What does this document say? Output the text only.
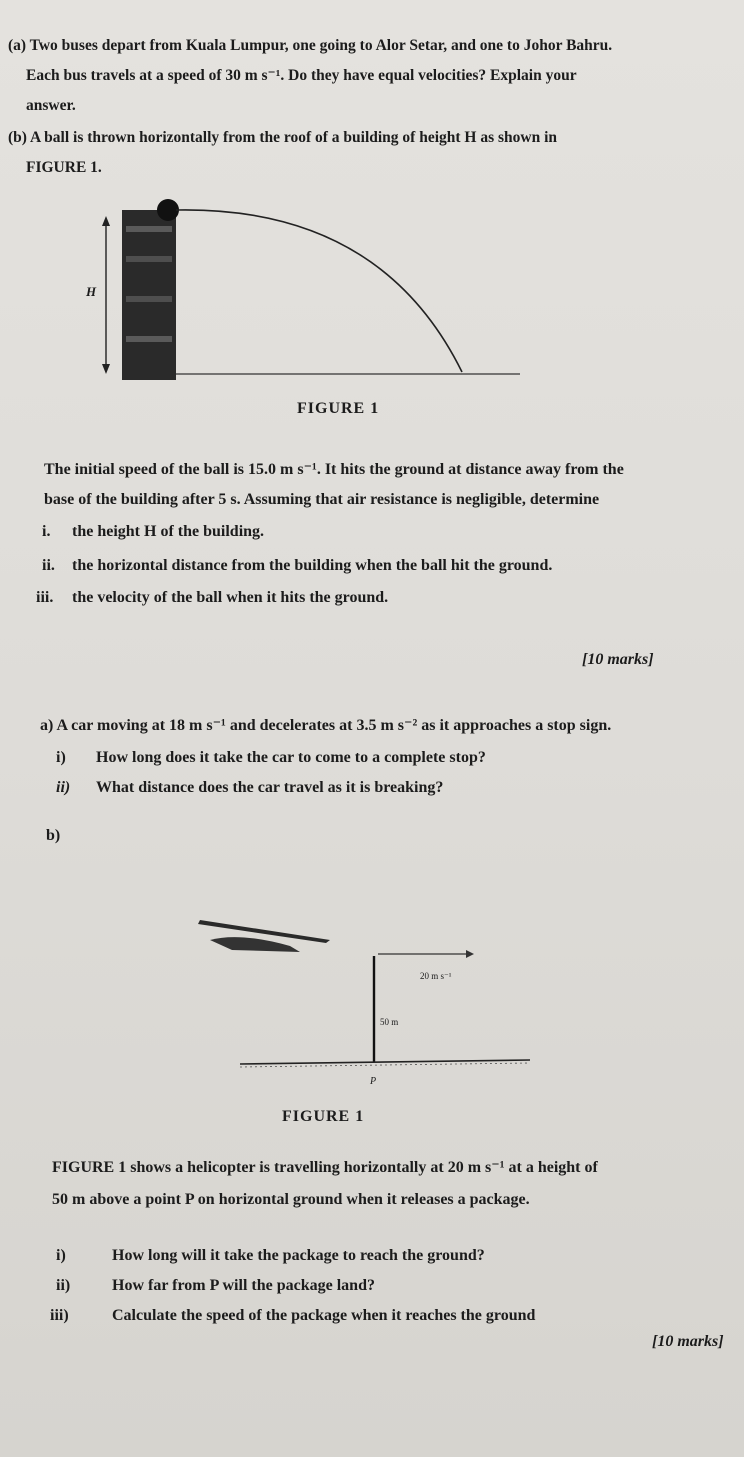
(a) Two buses depart from Kuala Lumpur, one going to Alor Setar, and one to Johor Bahru.
Each bus travels at a speed of 30 m s⁻¹. Do they have equal velocities? Explain your
answer.
(b) A ball is thrown horizontally from the roof of a building of height H as shown in
FIGURE 1.
H
FIGURE 1
The initial speed of the ball is 15.0 m s⁻¹. It hits the ground at distance away from the
base of the building after 5 s. Assuming that air resistance is negligible, determine
i. the height H of the building.
ii. the horizontal distance from the building when the ball hit the ground.
iii. the velocity of the ball when it hits the ground.
[10 marks]
a) A car moving at 18 m s⁻¹ and decelerates at 3.5 m s⁻² as it approaches a stop sign.
i) How long does it take the car to come to a complete stop?
ii) What distance does the car travel as it is breaking?
b)
20 m s⁻¹
50 m
P
FIGURE 1
FIGURE 1 shows a helicopter is travelling horizontally at 20 m s⁻¹ at a height of
50 m above a point P on horizontal ground when it releases a package.
i)	How long will it take the package to reach the ground?
ii)	How far from P will the package land?
iii)	Calculate the speed of the package when it reaches the ground
[10 marks]
